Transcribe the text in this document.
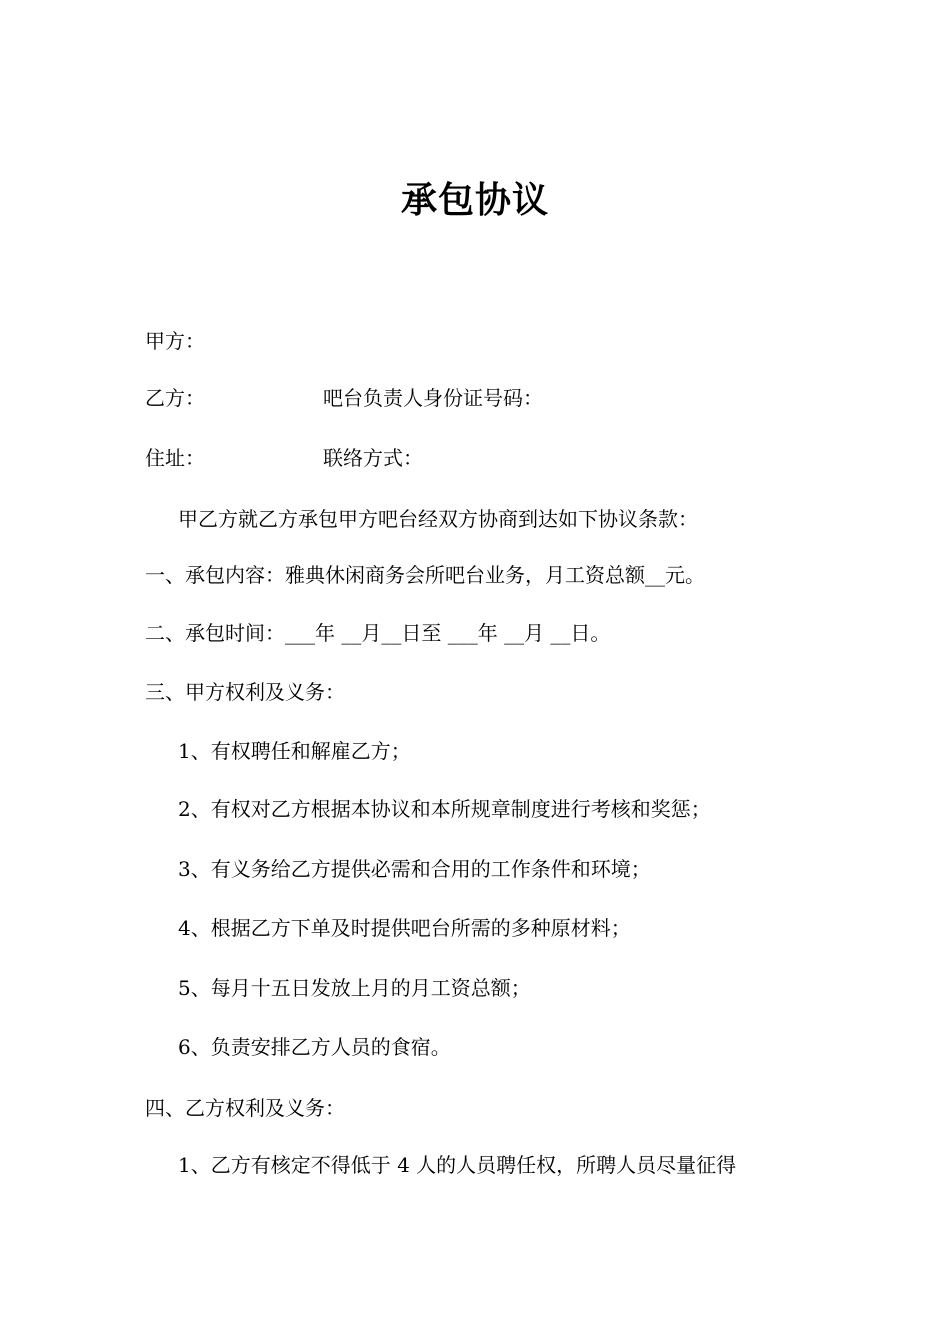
承包协议
甲方：
乙方：	吧台负责人身份证号码：
住址：	联络方式：
甲乙方就乙方承包甲方吧台经双方协商到达如下协议条款：
一、承包内容：雅典休闲商务会所吧台业务，月工资总额__元。
二、承包时间：___年 __月__日至 ___年 __月 __日。
三、甲方权利及义务：
1、有权聘任和解雇乙方；
2、有权对乙方根据本协议和本所规章制度进行考核和奖惩；
3、有义务给乙方提供必需和合用的工作条件和环境；
4、根据乙方下单及时提供吧台所需的多种原材料；
5、每月十五日发放上月的月工资总额；
6、负责安排乙方人员的食宿。
四、乙方权利及义务：
1、乙方有核定不得低于 4 人的人员聘任权，所聘人员尽量征得
